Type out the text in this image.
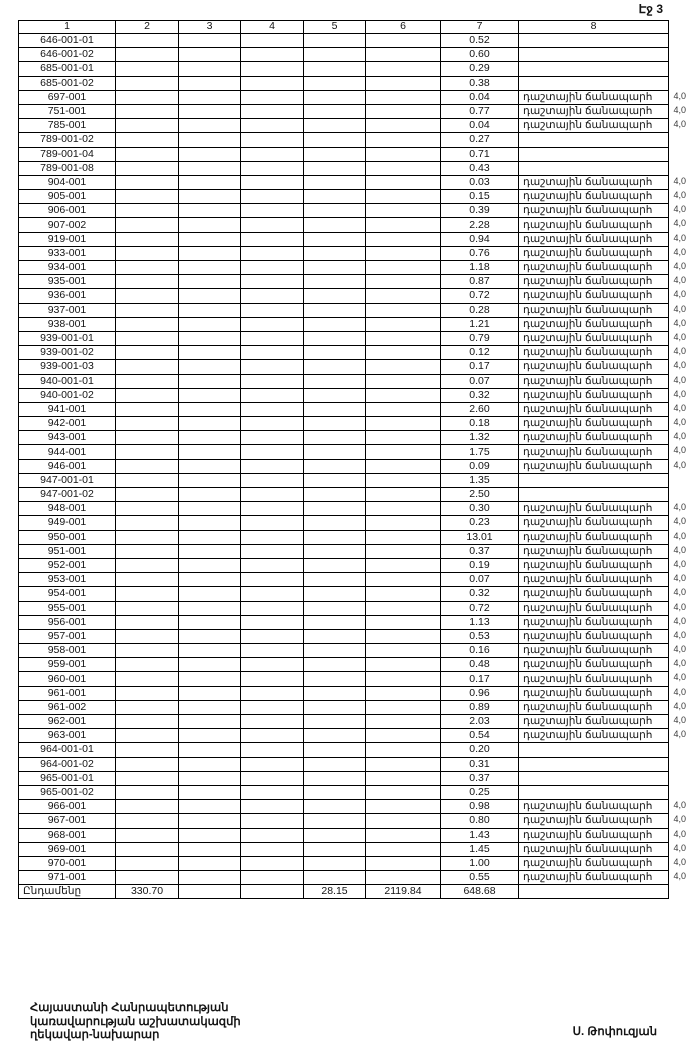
Էջ 3
1	2	3	4	5	6	7	8
646-001-01						0.52	
646-001-02						0.60	
685-001-01						0.29	
685-001-02						0.38	
697-001						0.04	դաշտային ճանապարհ 4,0

751-001						0.77	դաշտային ճանապարհ 4,0

785-001						0.04	դաշտային ճանապարհ 4,0

789-001-02						0.27	
789-001-04						0.71	
789-001-08						0.43	
904-001						0.03	դաշտային ճանապարհ 4,0

905-001						0.15	դաշտային ճանապարհ 4,0

906-001						0.39	դաշտային ճանապարհ 4,0

907-002						2.28	դաշտային ճանապարհ 4,0

919-001						0.94	դաշտային ճանապարհ 4,0

933-001						0.76	դաշտային ճանապարհ 4,0

934-001						1.18	դաշտային ճանապարհ 4,0

935-001						0.87	դաշտային ճանապարհ 4,0

936-001						0.72	դաշտային ճանապարհ 4,0

937-001						0.28	դաշտային ճանապարհ 4,0

938-001						1.21	դաշտային ճանապարհ 4,0

939-001-01						0.79	դաշտային ճանապարհ 4,0

939-001-02						0.12	դաշտային ճանապարհ 4,0

939-001-03						0.17	դաշտային ճանապարհ 4,0

940-001-01						0.07	դաշտային ճանապարհ 4,0

940-001-02						0.32	դաշտային ճանապարհ 4,0

941-001						2.60	դաշտային ճանապարհ 4,0

942-001						0.18	դաշտային ճանապարհ 4,0

943-001						1.32	դաշտային ճանապարհ 4,0

944-001						1.75	դաշտային ճանապարհ 4,0

946-001						0.09	դաշտային ճանապարհ 4,0

947-001-01						1.35	
947-001-02						2.50	
948-001						0.30	դաշտային ճանապարհ 4,0

949-001						0.23	դաշտային ճանապարհ 4,0

950-001						13.01	դաշտային ճանապարհ 4,0

951-001						0.37	դաշտային ճանապարհ 4,0

952-001						0.19	դաշտային ճանապարհ 4,0

953-001						0.07	դաշտային ճանապարհ 4,0

954-001						0.32	դաշտային ճանապարհ 4,0

955-001						0.72	դաշտային ճանապարհ 4,0

956-001						1.13	դաշտային ճանապարհ 4,0

957-001						0.53	դաշտային ճանապարհ 4,0

958-001						0.16	դաշտային ճանապարհ 4,0

959-001						0.48	դաշտային ճանապարհ 4,0

960-001						0.17	դաշտային ճանապարհ 4,0

961-001						0.96	դաշտային ճանապարհ 4,0

961-002						0.89	դաշտային ճանապարհ 4,0

962-001						2.03	դաշտային ճանապարհ 4,0

963-001						0.54	դաշտային ճանապարհ 4,0

964-001-01						0.20	
964-001-02						0.31	
965-001-01						0.37	
965-001-02						0.25	
966-001						0.98	դաշտային ճանապարհ 4,0

967-001						0.80	դաշտային ճանապարհ 4,0

968-001						1.43	դաշտային ճանապարհ 4,0

969-001						1.45	դաշտային ճանապարհ 4,0

970-001						1.00	դաշտային ճանապարհ 4,0

971-001						0.55	դաշտային ճանապարհ 4,0

Ընդամենը	330.70			28.15	2119.84	648.68	
Հայաստանի Հանրապետության
կառավարության աշխատակազմի
ղեկավար-նախարար	Ս. Թոփուզյան
